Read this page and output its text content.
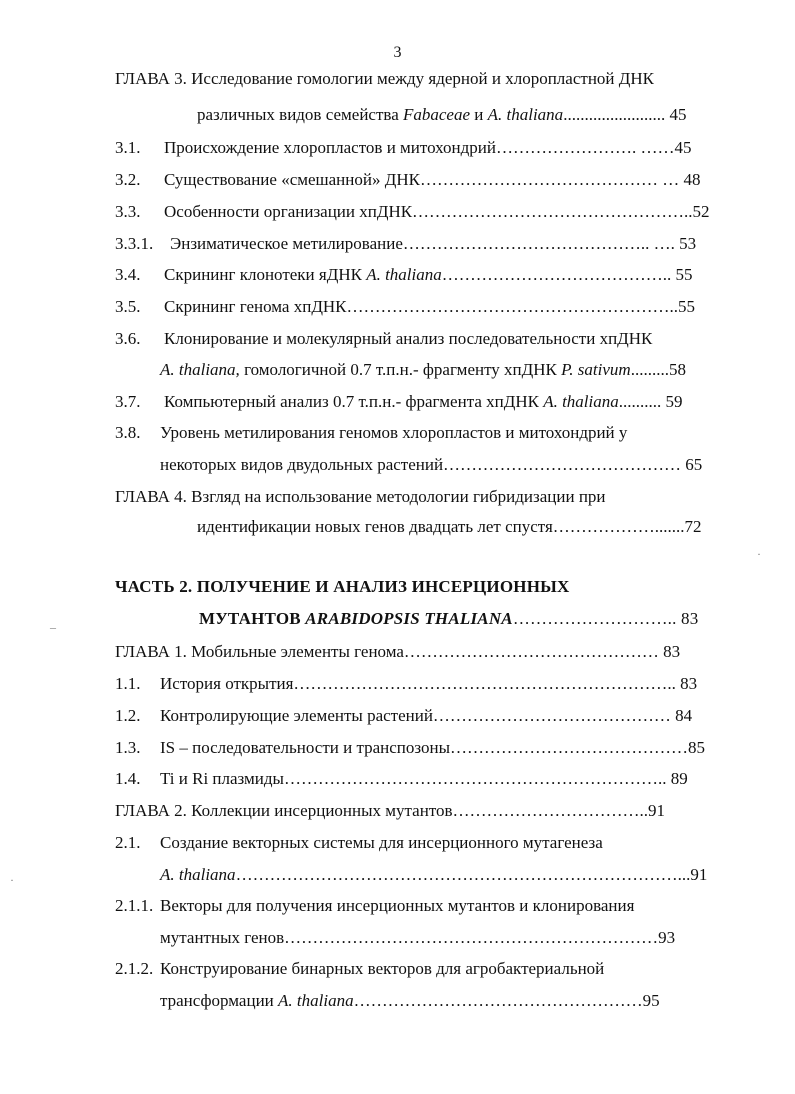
3
ГЛАВА 3. Исследование гомологии между ядерной и хлоропластной ДНК
различных видов семейства Fabaceae и A. thaliana........................ 45
3.1. Происхождение хлоропластов и митохондрий……………………. ……45
3.2. Существование «смешанной» ДНК…………………………………… … 48
3.3. Особенности организации хпДНК…………………………………………..52
3.3.1. Энзиматическое метилирование…………………………………….. …. 53
3.4. Скрининг клонотеки яДНК A. thaliana………………………………….. 55
3.5. Скрининг генома хпДНК…………………………………………………..55
3.6. Клонирование и молекулярный анализ последовательности хпДНК
A. thaliana, гомологичной 0.7 т.п.н.- фрагменту хпДНК P. sativum.........58
3.7. Компьютерный анализ 0.7 т.п.н.- фрагмента хпДНК A. thaliana.......... 59
3.8. Уровень метилирования геномов хлоропластов и митохондрий у
некоторых видов двудольных растений…………………………………… 65
ГЛАВА 4. Взгляд на использование методологии гибридизации при
идентификации новых генов двадцать лет спустя……………….......72
·
ЧАСТЬ 2. ПОЛУЧЕНИЕ И АНАЛИЗ ИНСЕРЦИОННЫХ
МУТАНТОВ ARABIDOPSIS THALIANA……………………….. 83
–
ГЛАВА 1. Мобильные элементы генома……………………………………… 83
1.1. История открытия………………………………………………………….. 83
1.2. Контролирующие элементы растений…………………………………… 84
1.3. IS – последовательности и транспозоны……………………………………85
1.4. Ti и Ri плазмиды………………………………………………………….. 89
ГЛАВА 2. Коллекции инсерционных мутантов……………………………..91
2.1. Создание векторных системы для инсерционного мутагенеза
A. thaliana……………………………………………………………………...91
·
2.1.1. Векторы для получения инсерционных мутантов и клонирования
мутантных генов…………………………………………………………93
2.1.2. Конструирование бинарных векторов для агробактериальной
трансформации A. thaliana……………………………………………95
